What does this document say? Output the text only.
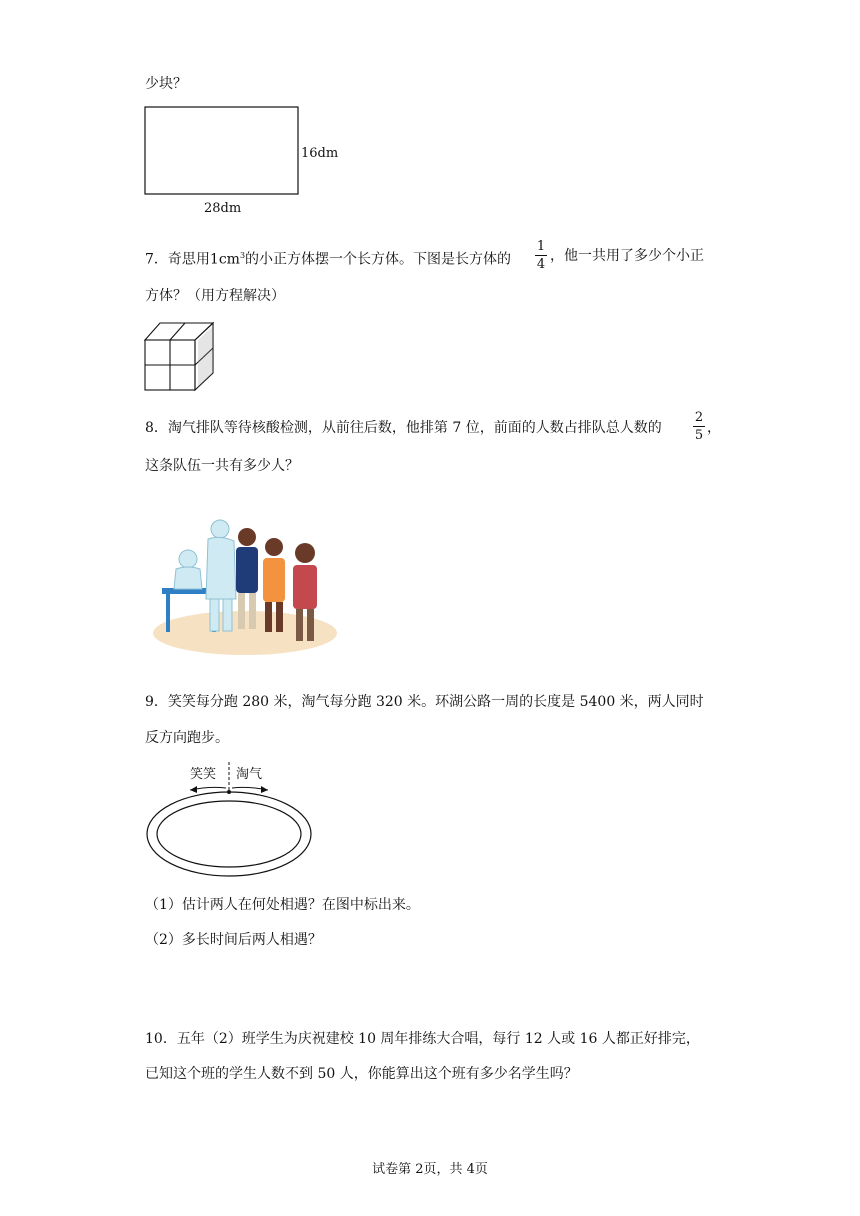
少块？
16dm
28dm
7．奇思用$1cm^3$的小正方体摆一个长方体。下图是长方体的
1
4
，他一共用了多少个小正
方体？（用方程解决）
8．淘气排队等待核酸检测，从前往后数，他排第 7 位，前面的人数占排队总人数的
2
5 ，
这条队伍一共有多少人？
9．笑笑每分跑 280 米，淘气每分跑 320 米。环湖公路一周的长度是 5400 米，两人同时
反方向跑步。
笑笑 淘气
（1）估计两人在何处相遇？在图中标出来。
（2）多长时间后两人相遇？
10．五年（2）班学生为庆祝建校 10 周年排练大合唱，每行 12 人或 16 人都正好排完，
已知这个班的学生人数不到 50 人，你能算出这个班有多少名学生吗？
试卷第 2页，共 4页
